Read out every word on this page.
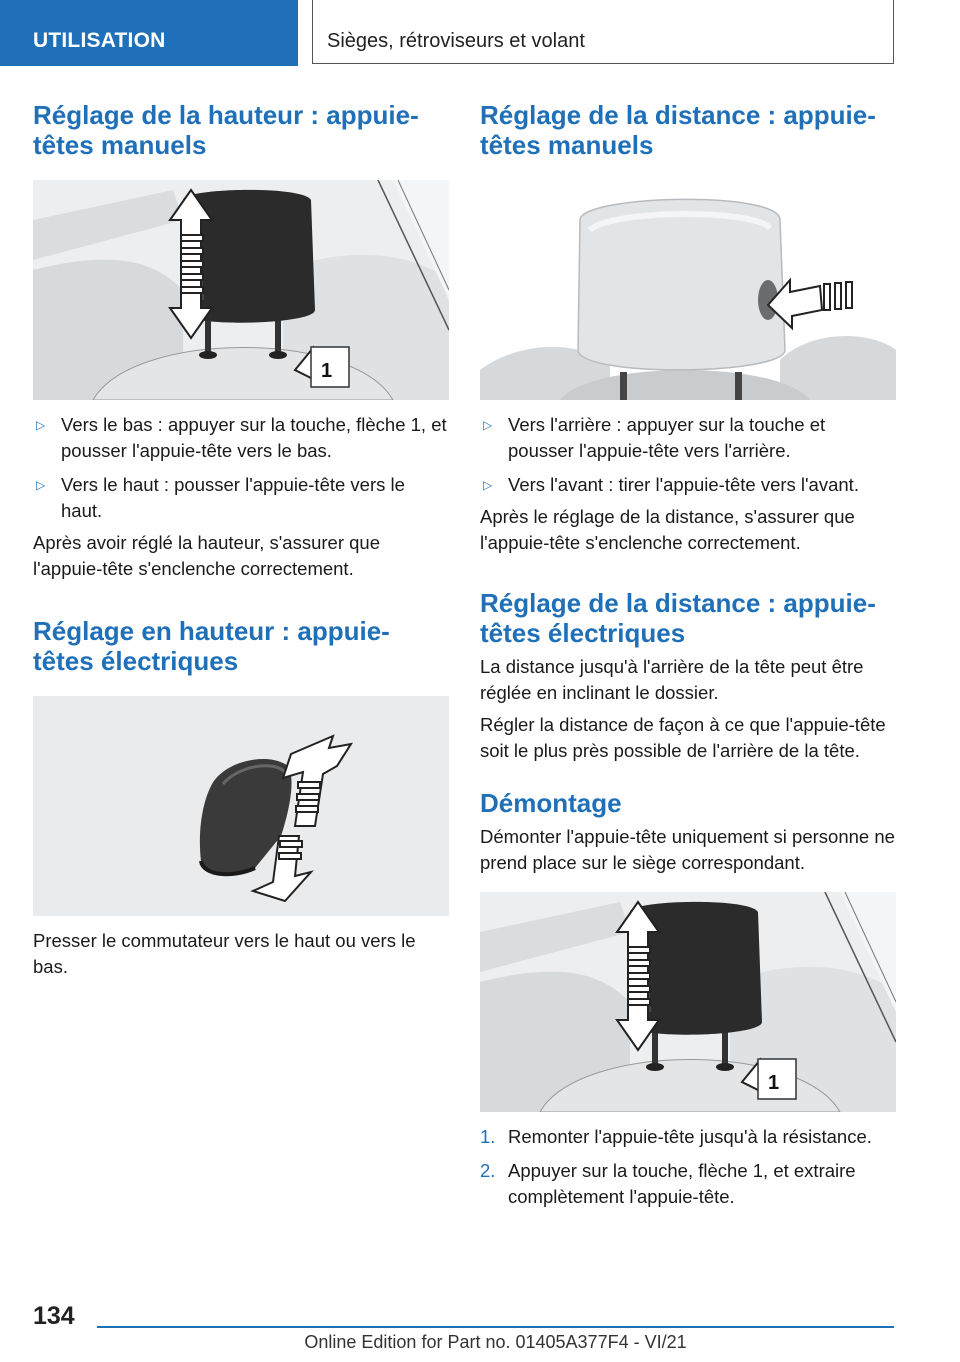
UTILISATION	Sièges, rétroviseurs et volant
Réglage de la hauteur : appuie-têtes manuels
1
▷ Vers le bas : appuyer sur la touche, flèche 1, et pousser l'appuie-tête vers le bas.
▷ Vers le haut : pousser l'appuie-tête vers le haut.

Après avoir réglé la hauteur, s'assurer que l'appuie-tête s'enclenche correctement.

Réglage en hauteur : appuie-têtes électriques

Presser le commutateur vers le haut ou vers le bas.

Réglage de la distance : appuie-têtes manuels
▷ Vers l'arrière : appuyer sur la touche et pousser l'appuie-tête vers l'arrière.
▷ Vers l'avant : tirer l'appuie-tête vers l'avant.

Après le réglage de la distance, s'assurer que l'appuie-tête s'enclenche correctement.

Réglage de la distance : appuie-têtes électriques

La distance jusqu'à l'arrière de la tête peut être réglée en inclinant le dossier.

Régler la distance de façon à ce que l'appuie-tête soit le plus près possible de l'arrière de la tête.

Démontage

Démonter l'appuie-tête uniquement si personne ne prend place sur le siège correspondant.

1
1. Remonter l'appuie-tête jusqu'à la résistance.
2. Appuyer sur la touche, flèche 1, et extraire complètement l'appuie-tête.
134
Online Edition for Part no. 01405A377F4 - VI/21
